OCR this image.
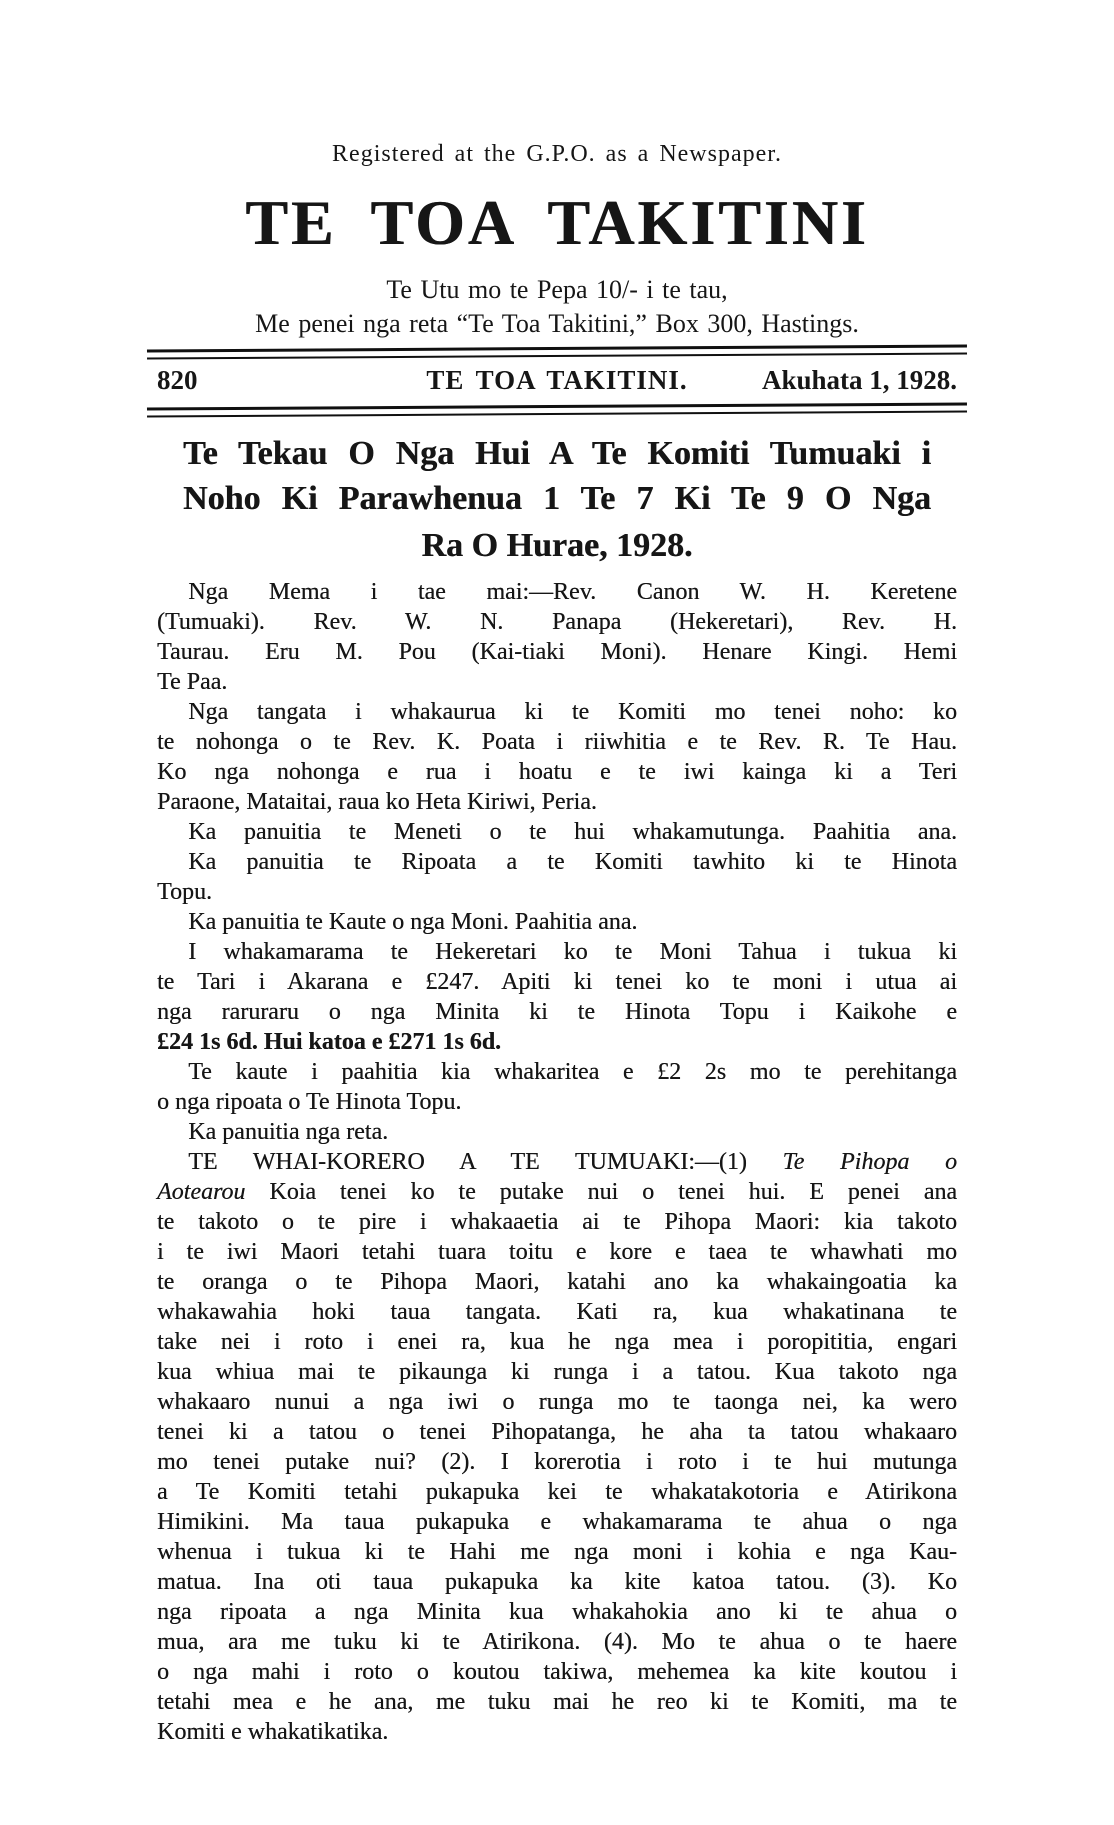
Registered at the G.P.O. as a Newspaper.
TE TOA TAKITINI
Te Utu mo te Pepa 10/- i te tau,
Me penei nga reta “Te Toa Takitini,” Box 300, Hastings.
820	TE TOA TAKITINI.	Akuhata 1, 1928.
Te Tekau O Nga Hui A Te Komiti Tumuaki i
Noho Ki Parawhenua 1 Te 7 Ki Te 9 O Nga
Ra O Hurae, 1928.
Nga Mema i tae mai:—Rev. Canon W. H. Keretene
(Tumuaki). Rev. W. N. Panapa (Hekeretari), Rev. H.
Taurau. Eru M. Pou (Kai-tiaki Moni). Henare Kingi. Hemi
Te Paa.
Nga tangata i whakaurua ki te Komiti mo tenei noho: ko
te nohonga o te Rev. K. Poata i riiwhitia e te Rev. R. Te Hau.
Ko nga nohonga e rua i hoatu e te iwi kainga ki a Teri
Paraone, Mataitai, raua ko Heta Kiriwi, Peria.
Ka panuitia te Meneti o te hui whakamutunga. Paahitia ana.
Ka panuitia te Ripoata a te Komiti tawhito ki te Hinota
Topu.
Ka panuitia te Kaute o nga Moni. Paahitia ana.
I whakamarama te Hekeretari ko te Moni Tahua i tukua ki
te Tari i Akarana e £247. Apiti ki tenei ko te moni i utua ai
nga raruraru o nga Minita ki te Hinota Topu i Kaikohe e
£24 1s 6d. Hui katoa e £271 1s 6d.
Te kaute i paahitia kia whakaritea e £2 2s mo te perehitanga
o nga ripoata o Te Hinota Topu.
Ka panuitia nga reta.
TE WHAI-KORERO A TE TUMUAKI:—(1) Te Pihopa o
Aotearou Koia tenei ko te putake nui o tenei hui. E penei ana
te takoto o te pire i whakaaetia ai te Pihopa Maori: kia takoto
i te iwi Maori tetahi tuara toitu e kore e taea te whawhati mo
te oranga o te Pihopa Maori, katahi ano ka whakaingoatia ka
whakawahia hoki taua tangata. Kati ra, kua whakatinana te
take nei i roto i enei ra, kua he nga mea i poropititia, engari
kua whiua mai te pikaunga ki runga i a tatou. Kua takoto nga
whakaaro nunui a nga iwi o runga mo te taonga nei, ka wero
tenei ki a tatou o tenei Pihopatanga, he aha ta tatou whakaaro
mo tenei putake nui? (2). I korerotia i roto i te hui mutunga
a Te Komiti tetahi pukapuka kei te whakatakotoria e Atirikona
Himikini. Ma taua pukapuka e whakamarama te ahua o nga
whenua i tukua ki te Hahi me nga moni i kohia e nga Kau-
matua. Ina oti taua pukapuka ka kite katoa tatou. (3). Ko
nga ripoata a nga Minita kua whakahokia ano ki te ahua o
mua, ara me tuku ki te Atirikona. (4). Mo te ahua o te haere
o nga mahi i roto o koutou takiwa, mehemea ka kite koutou i
tetahi mea e he ana, me tuku mai he reo ki te Komiti, ma te
Komiti e whakatikatika.
